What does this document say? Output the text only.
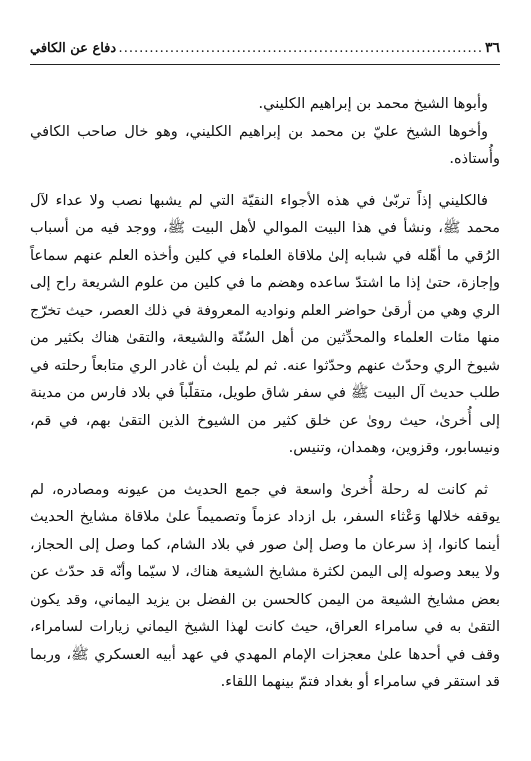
٣٦
.....
دفاع عن الكافي

وأبوها الشيخ محمد بن إبراهيم الكليني.

وأخوها الشيخ عليّ بن محمد بن إبراهيم الكليني، وهو خال صاحب الكافي وأُستاذه.

فالكليني إذاً تربّىٰ في هذه الأجواء النقيّة التي لم يشبها نصب ولا عداء لآل محمد ﷺ، ونشأ في هذا البيت الموالي لأهل البيت ﷺ، ووجد فيه من أسباب الرُقي ما أهّله في شبابه إلىٰ ملاقاة العلماء في كلين وأخذه العلم عنهم سماعاً وإجازة، حتىٰ إذا ما اشتدّ ساعده وهضم ما في كلين من علوم الشريعة راح إلى الري وهي من أرقىٰ حواضر العلم ونواديه المعروفة في ذلك العصر، حيث تخرّج منها مئات العلماء والمحدِّثين من أهل السُنّة والشيعة، والتقىٰ هناك بكثير من شيوخ الري وحدّث عنهم وحدّثوا عنه. ثم لم يلبث أن غادر الري متابعاً رحلته في طلب حديث آل البيت ﷺ في سفر شاق طويل، متقلّباً في بلاد فارس من مدينة إلى أُخرىٰ، حيث روىٰ عن خلق كثير من الشيوخ الذين التقىٰ بهم، في قم، ونيسابور، وقزوين، وهمدان، وتنيس.

ثم كانت له رحلة أُخرىٰ واسعة في جمع الحديث من عيونه ومصادره، لم يوقفه خلالها وَعْثاء السفر، بل ازداد عزماً وتصميماً علىٰ ملاقاة مشايخ الحديث أينما كانوا، إذ سرعان ما وصل إلىٰ صور في بلاد الشام، كما وصل إلى الحجاز، ولا يبعد وصوله إلى اليمن لكثرة مشايخ الشيعة هناك، لا سيّما وأنّه قد حدّث عن بعض مشايخ الشيعة من اليمن كالحسن بن الفضل بن يزيد اليماني، وقد يكون التقىٰ به في سامراء العراق، حيث كانت لهذا الشيخ اليماني زيارات لسامراء، وقف في أحدها علىٰ معجزات الإمام المهدي في عهد أبيه العسكري ﷺ، وربما قد استقر في سامراء أو بغداد فتمّ بينهما اللقاء.
